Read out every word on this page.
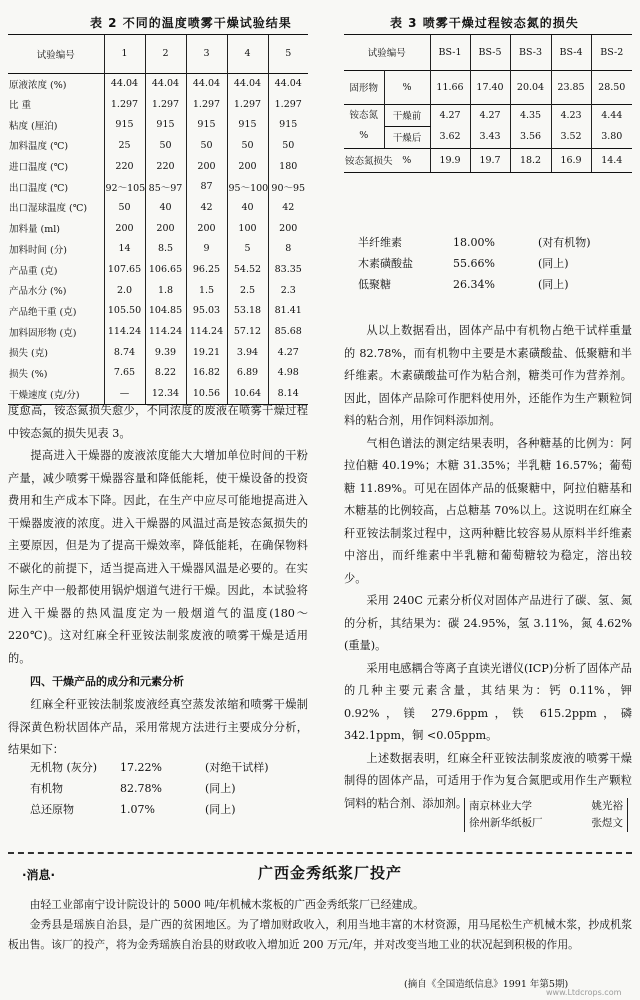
表 2 不同的温度喷雾干燥试验结果
试验编号	1	2	3	4	5
原液浓度 (%)	44.04	44.04	44.04	44.04	44.04
比 重	1.297	1.297	1.297	1.297	1.297
粘度 (厘泊)	915	915	915	915	915
加料温度 (℃)	25	50	50	50	50
进口温度 (℃)	220	220	200	200	180
出口温度 (℃)	92～105	85～97	87	95～100	90～95
出口湿球温度 (℃)	50	40	42	40	42
加料量 (ml)	200	200	200	100	200
加料时间 (分)	14	8.5	9	5	8
产品重 (克)	107.65	106.65	96.25	54.52	83.35
产品水分 (%)	2.0	1.8	1.5	2.5	2.3
产品绝干重 (克)	105.50	104.85	95.03	53.18	81.41
加料固形物 (克)	114.24	114.24	114.24	57.12	85.68
损失 (克)	8.74	9.39	19.21	3.94	4.27
损失 (%)	7.65	8.22	16.82	6.89	4.98
干燥速度 (克/分)	—	12.34	10.56	10.64	8.14
表 3 喷雾干燥过程铵态氮的损失
试验编号		BS-1	BS-5	BS-3	BS-4	BS-2
固形物	%	11.66	17.40	20.04	23.85	28.50

铵态氮
%	干燥前	4.27	4.27	4.35	4.23	4.44
	干燥后	3.62	3.43	3.56	3.52	3.80
铵态氮损失	%	19.9	19.7	18.2	16.9	14.4
半纤维素	18.00%	(对有机物)
木素磺酸盐	55.66%	(同上)
低聚糖	26.34%	(同上)

从以上数据看出，固体产品中有机物占绝干试样重量的 82.78%，而有机物中主要是木素磺酸盐、低聚糖和半纤维素。木素磺酸盐可作为粘合剂，糖类可作为营养剂。因此，固体产品除可作肥料使用外，还能作为生产颗粒饲料的粘合剂，用作饲料添加剂。

气相色谱法的测定结果表明，各种糖基的比例为：阿拉伯糖 40.19%；木糖 31.35%；半乳糖 16.57%；葡萄糖 11.89%。可见在固体产品的低聚糖中，阿拉伯糖基和木糖基的比例较高，占总糖基 70%以上。这说明在红麻全秆亚铵法制浆过程中，这两种糖比较容易从原料半纤维素中溶出，而纤维素中半乳糖和葡萄糖较为稳定，溶出较少。

采用 240C 元素分析仪对固体产品进行了碳、氢、氮的分析，其结果为：碳 24.95%，氢 3.11%，氮 4.62% (重量)。

采用电感耦合等离子直读光谱仪(ICP)分析了固体产品的几种主要元素含量，其结果为：钙 0.11%，钾 0.92%，镁 279.6ppm，铁 615.2ppm，磷 342.1ppm，铜 <0.05ppm。

上述数据表明，红麻全秆亚铵法制浆废液的喷雾干燥制得的固体产品，可适用于作为复合氮肥或用作生产颗粒饲料的粘合剂、添加剂。 南京林业大学	姚光裕
徐州新华纸板厂	张煜文
度愈高，铵态氮损失愈少，不同浓度的废液在喷雾干燥过程中铵态氮的损失见表 3。

提高进入干燥器的废液浓度能大大增加单位时间的干粉产量，减少喷雾干燥器容量和降低能耗，使干燥设备的投资费用和生产成本下降。因此，在生产中应尽可能地提高进入干燥器废液的浓度。进入干燥器的风温过高是铵态氮损失的主要原因，但是为了提高干燥效率，降低能耗，在确保物料不碳化的前提下，适当提高进入干燥器风温是必要的。在实际生产中一般都使用锅炉烟道气进行干燥。因此，本试验将进入干燥器的热风温度定为一般烟道气的温度(180～220℃)。这对红麻全秆亚铵法制浆废液的喷雾干燥是适用的。

四、干燥产品的成分和元素分析

红麻全秆亚铵法制浆废液经真空蒸发浓缩和喷雾干燥制得深黄色粉状固体产品，采用常规方法进行主要成分分析，结果如下：

无机物 (灰分)	17.22%	(对绝干试样)
有机物	82.78%	(同上)
总还原物	1.07%	(同上)
·消息·	广西金秀纸浆厂投产
由轻工业部南宁设计院设计的 5000 吨/年机械木浆板的广西金秀纸浆厂已经建成。
金秀县是瑶族自治县，是广西的贫困地区。为了增加财政收入，利用当地丰富的木材资源，用马尾松生产机械木浆，抄成机浆板出售。该厂的投产，将为金秀瑶族自治县的财政收入增加近 200 万元/年，并对改变当地工业的状况起到积极的作用。
(摘自《全国造纸信息》1991 年第5期)
www.Ltdcrops.com
